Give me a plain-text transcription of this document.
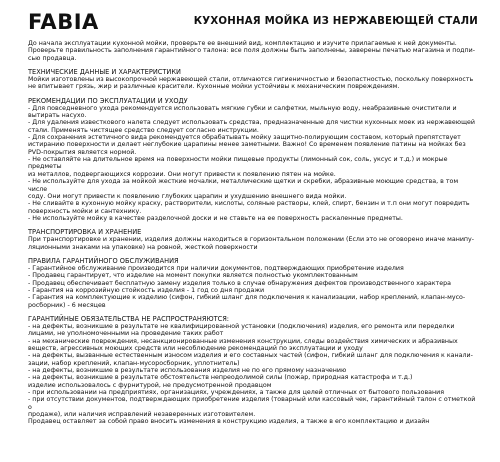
FABIA	КУХОННАЯ МОЙКА ИЗ НЕРЖАВЕЮЩЕЙ СТАЛИ
До начала эксплуатации кухонной мойки, проверьте ее внешний вид, комплектацию и изучите прилагаемые к ней документы.
Проверьте правильность заполнения гарантийного талона: все поля должны быть заполнены, заверены печатью магазина и подпи-
сью продавца.
ТЕХНИЧЕСКИЕ ДАННЫЕ И ХАРАКТЕРИСТИКИ
Мойки изготовлены из высокопрочной нержавеющей стали, отличаются гигиеничностью и безопастностью, поскольку поверхность
не впитывает грязь, жир и различные красители. Кухонные мойки устойчивы к механическим повреждениям.
РЕКОМЕНДАЦИИ ПО ЭКСПЛУАТАЦИИ И УХОДУ
- Для повседневного ухода рекомендуется использовать мягкие губки и салфетки, мыльную воду, неабразивные очистители и
вытирать насухо.
- Для удаления известкового налета следует использовать средства, предназначенные для чистки кухонных моек из нержавеющей
стали. Применять чистящее средство следует согласно инструкции.
- Для сохранения эстетичного вида рекомендуется обрабатывать мойку защитно-полирующим составом, который препятствует
истиранию поверхности и делает неглубокие царапины менее заметными. Важно! Со временем появление патины на мойках без
PVD-покрытия является нормой.
- Не оставляйте на длительное время на поверхности мойки пищевые продукты (лимонный сок, соль, уксус и т.д.) и мокрые предметы
из металлов, подвергающихся коррозии. Они могут привести к появлению пятен на мойке.
- Не используйте для ухода за мойкой жесткие мочалки, металлические щетки и скребки, абразивные моющие средства, в том числе
соду. Они могут привести к появлению глубоких царапин и ухудшению внешнего вида мойки.
- Не сливайте в кухонную мойку краску, растворители, кислоты, соляные растворы, клей, спирт, бензин и т.п они могут повредить
поверхность мойки и сантехнику.
- Не используйте мойку в качестве разделочной доски и не ставьте на ее поверхность раскаленные предметы.
ТРАНСПОРТИРОВКА И ХРАНЕНИЕ
При транспортировке и хранении, изделия должны находиться в горизонтальном положении (Если это не оговорено иначе манипу-
ляционными знаками на упаковке) на ровной, жесткой поверхности
ПРАВИЛА ГАРАНТИЙНОГО ОБСЛУЖИВАНИЯ
- Гарантийное обслуживание производится при наличии документов, подтверждающих приобретение изделия
- Продавец гарантирует, что изделие на момент покупки является полностью укомплектованным
- Продавец обеспечивает бесплатную замену изделия только в случае обнаружения дефектов производственного характера
- Гарантия на коррозийную стойкость изделия - 1 год со дня продажи
- Гарантия на комплектующие к изделию (сифон, гибкий шланг для подключения к канализации, набор креплений, клапан-мусо-
росборник) - 6 месяцев
ГАРАНТИЙНЫЕ ОБЯЗАТЕЛЬСТВА НЕ РАСПРОСТРАНЯЮТСЯ:
- на дефекты, возникшие в результате не квалифицированной установки (подключения) изделия, его ремонта или переделки
лицами, не уполномоченными на проведение таких работ
- на механические повреждения, несанкционированные изменения конструкции, следы воздействия химических и абразивных
веществ, агрессивных моющих средств или несоблюдение рекомендаций по эксплуатации и уходу
- на дефекты, вызванные естественным износом изделия и его составных частей (сифон, гибкий шланг для подключения к канали-
зации, набор креплений, клапан-мусоросборник, уплотнитель)
- на дефекты, возникшие в результате использования изделия не по его прямому назначению
- на дефекты, возникшие в результате обстоятельств непреодолимой силы (пожар, природная катастрофа и т.д.)
изделие использовалось с фурнитурой, не предусмотренной продавцом
- при использовании на предприятиях, организациях, учреждениях, а также для целей отличных от бытового пользования
- при отсутствии документов, подтверждающих приобретение изделия (товарный или кассовый чек, гарантийный талон с отметкой о
продаже), или наличия исправлений незаверенных изготовителем.
Продавец оставляет за собой право вносить изменения в конструкцию изделия, а также в его комплектацию и дизайн
